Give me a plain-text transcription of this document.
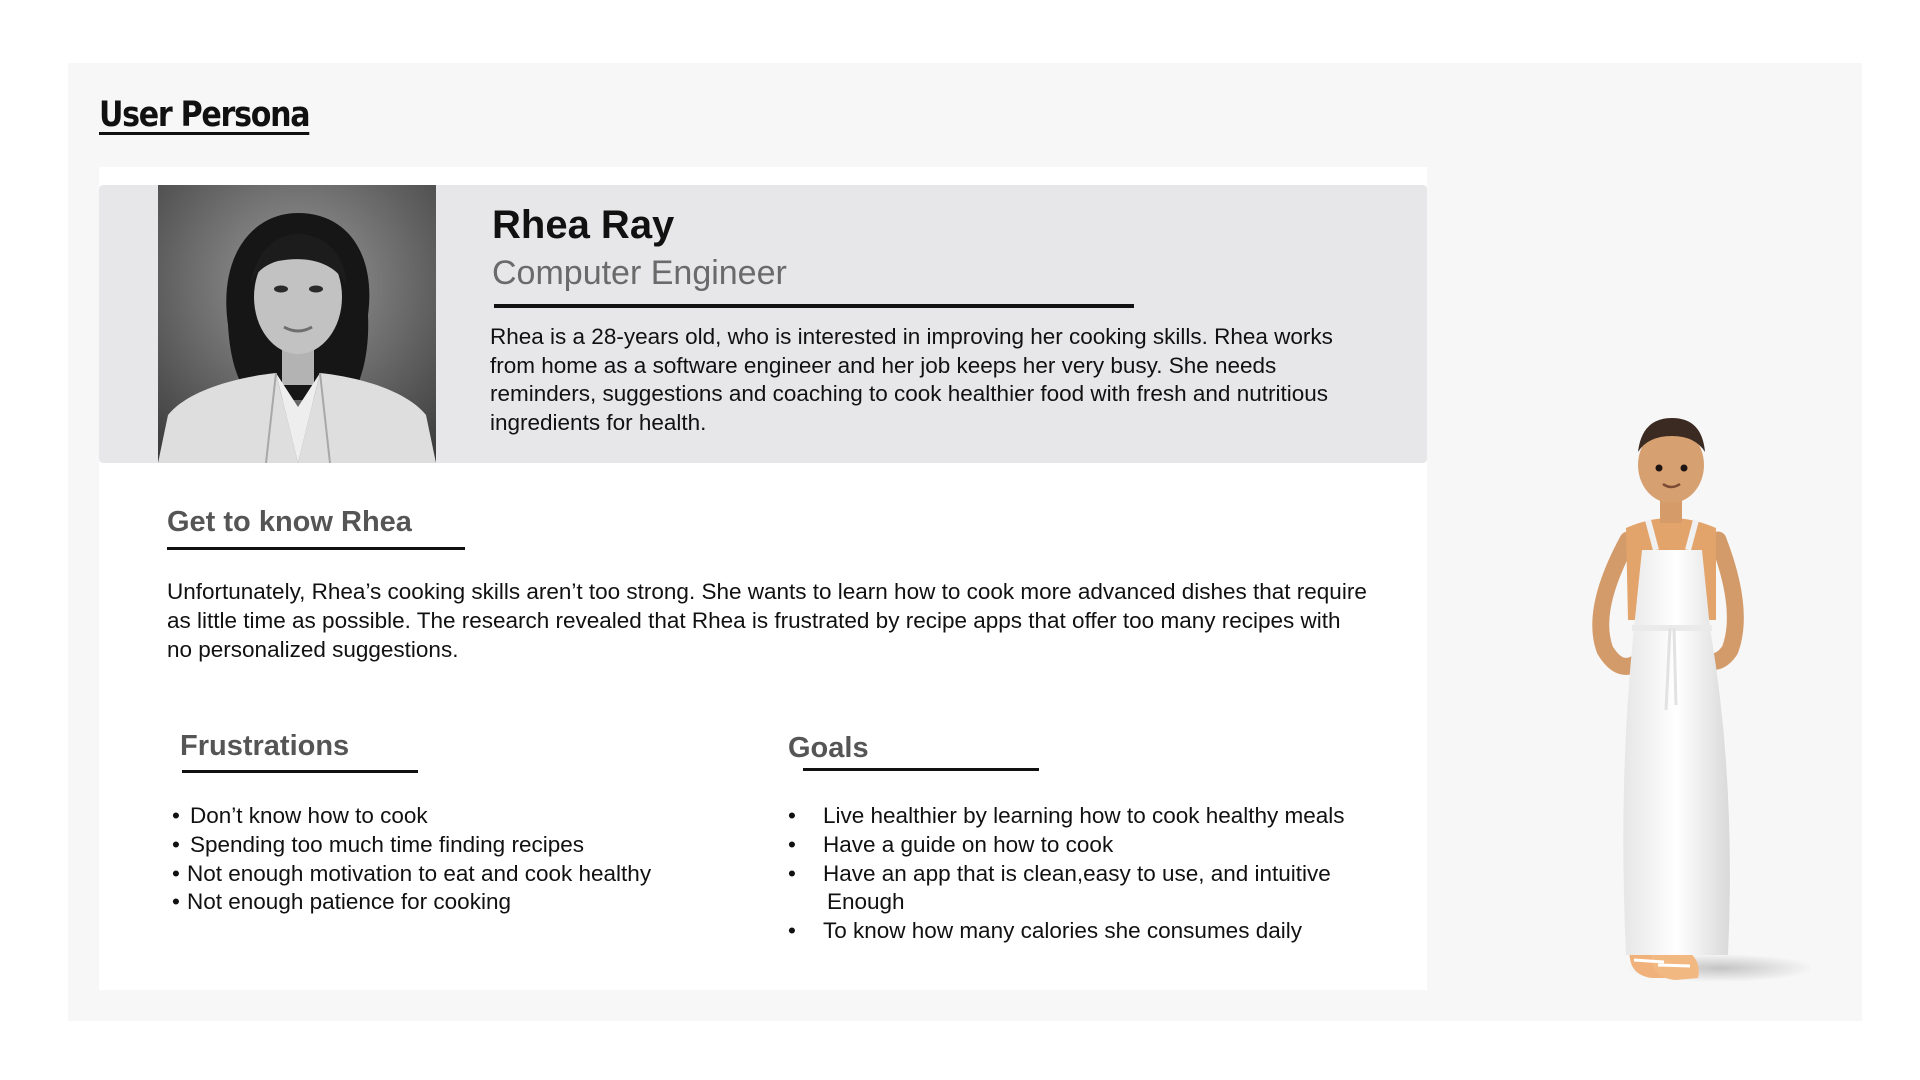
User Persona
Rhea Ray
Computer Engineer

Rhea is a 28-years old, who is interested in improving her cooking skills. Rhea works from home as a software engineer and her job keeps her very busy. She needs reminders, suggestions and coaching to cook healthier food with fresh and nutritious ingredients for health.

Get to know Rhea

Unfortunately, Rhea’s cooking skills aren’t too strong. She wants to learn how to cook more advanced dishes that require as little time as possible. The research revealed that Rhea is frustrated by recipe apps that offer too many recipes with no personalized suggestions.

Frustrations
• Don’t know how to cook
• Spending too much time finding recipes
• Not enough motivation to eat and cook healthy
• Not enough patience for cooking
Goals
• Live healthier by learning how to cook healthy meals
• Have a guide on how to cook
• Have an app that is clean,easy to use, and intuitive
Enough
• To know how many calories she consumes daily
